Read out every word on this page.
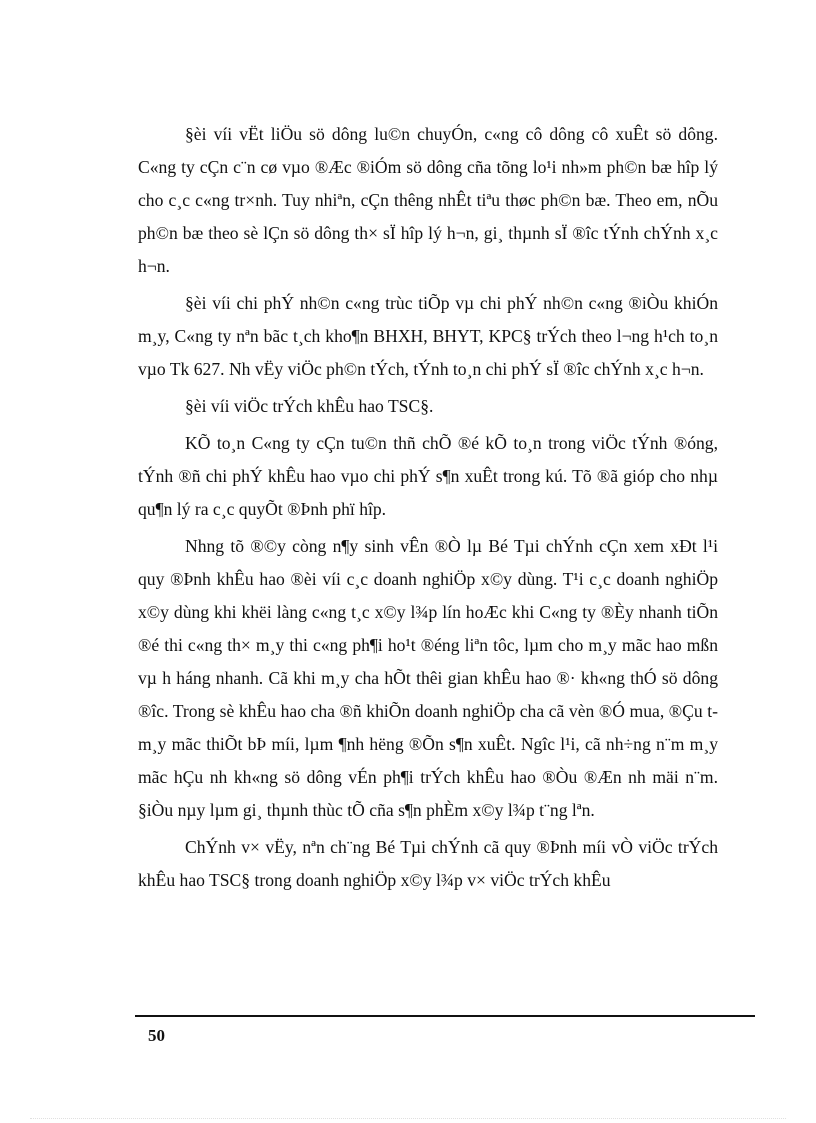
§èi víi vËt liÖu sö dông lu©n chuyÓn, c«ng cô dông cô xuÊt sö dông. C«ng ty cÇn c¨n cø vµo ®Æc ®iÓm sö dông cña tõng lo¹i nh»m ph©n bæ hîp lý cho c¸c c«ng tr×nh. Tuy nhiªn, cÇn thêng nhÊt tiªu thøc ph©n bæ. Theo em, nÕu ph©n bæ theo sè lÇn sö dông th× sÏ hîp lý h¬n, gi¸ thµnh sÏ ®îc tÝnh chÝnh x¸c h¬n.

§èi víi chi phÝ nh©n c«ng trùc tiÕp vµ chi phÝ nh©n c«ng ®iÒu khiÓn m¸y, C«ng ty nªn bãc t¸ch kho¶n BHXH, BHYT, KPC§ trÝch theo l¬ng h¹ch to¸n vµo Tk 627. Nh vËy viÖc ph©n tÝch, tÝnh to¸n chi phÝ sÏ ®îc chÝnh x¸c h¬n.

§èi víi viÖc trÝch khÊu hao TSC§.

KÕ to¸n C«ng ty cÇn tu©n thñ chÕ ®é kÕ to¸n trong viÖc tÝnh ®óng, tÝnh ®ñ chi phÝ khÊu hao vµo chi phÝ s¶n xuÊt trong kú. Tõ ®ã gióp cho nhµ qu¶n lý ra c¸c quyÕt ®Þnh phï hîp.

Nhng tõ ®©y còng n¶y sinh vÊn ®Ò lµ Bé Tµi chÝnh cÇn xem xÐt l¹i quy ®Þnh khÊu hao ®èi víi c¸c doanh nghiÖp x©y dùng. T¹i c¸c doanh nghiÖp x©y dùng khi khëi làng c«ng t¸c x©y l¾p lín hoÆc khi C«ng ty ®Èy nhanh tiÕn ®é thi c«ng th× m¸y thi c«ng ph¶i ho¹t ®éng liªn tôc, lµm cho m¸y mãc hao mßn vµ h háng nhanh. Cã khi m¸y cha hÕt thêi gian khÊu hao ®· kh«ng thÓ sö dông ®îc. Trong sè khÊu hao cha ®ñ khiÕn doanh nghiÖp cha cã vèn ®Ó mua, ®Çu t m¸y mãc thiÕt bÞ míi, lµm ¶nh hëng ®Õn s¶n xuÊt. Ngîc l¹i, cã nh÷ng n¨m m¸y mãc hÇu nh kh«ng sö dông vÉn ph¶i trÝch khÊu hao ®Òu ®Æn nh mäi n¨m. §iÒu nµy lµm gi¸ thµnh thùc tÕ cña s¶n phÈm x©y l¾p t¨ng lªn.

ChÝnh v× vËy, nªn ch¨ng Bé Tµi chÝnh cã quy ®Þnh míi vÒ viÖc trÝch khÊu hao TSC§ trong doanh nghiÖp x©y l¾p v× viÖc trÝch khÊu

50
